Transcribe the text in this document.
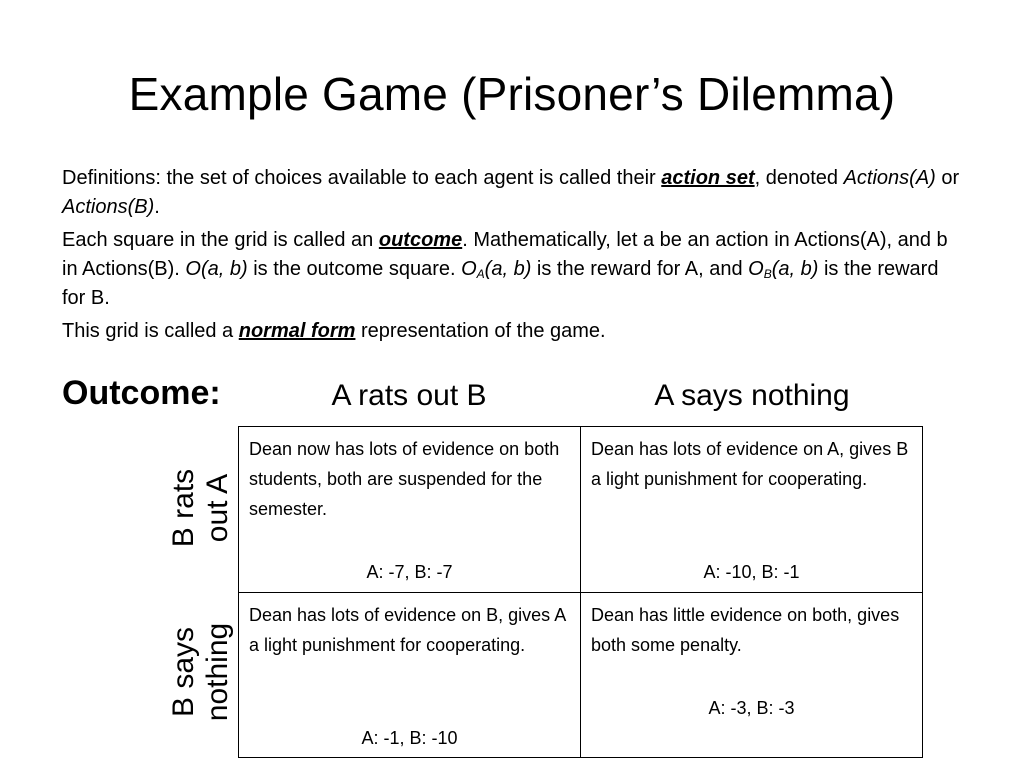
Example Game (Prisoner’s Dilemma)

Definitions: the set of choices available to each agent is called their action set, denoted Actions(A) or Actions(B).

Each square in the grid is called an outcome. Mathematically, let a be an action in Actions(A), and b in Actions(B). O(a, b) is the outcome square. $O_A(a$, b) is the reward for A, and $O_B(a$, b) is the reward for B.

This grid is called a normal form representation of the game.

Outcome:	A rats out B	A says nothing
B rats out A
B says nothing
Dean now has lots of evidence on both students, both are suspended for the semester.
A: -7, B: -7
Dean has lots of evidence on A, gives B a light punishment for cooperating.
A: -10, B: -1
Dean has lots of evidence on B, gives A a light punishment for cooperating.
A: -1, B: -10
Dean has little evidence on both, gives both some penalty.
A: -3, B: -3
